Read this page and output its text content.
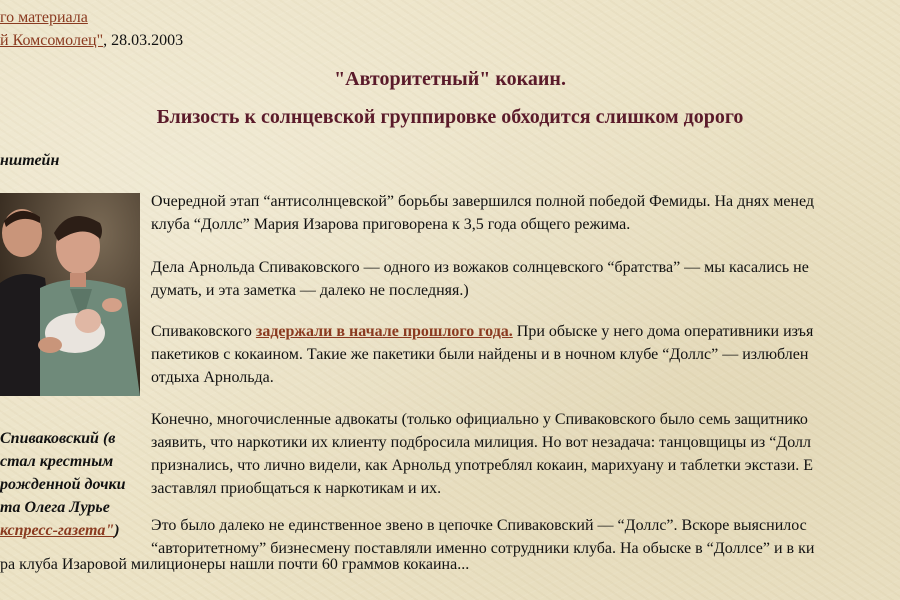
го материала
й Комсомолец", 28.03.2003
"Авторитетный" кокаин.
Близость к солнцевской группировке обходится слишком дорого
нштейн
Спиваковский (в
стал крестным
рожденной дочки
та Олега Лурье
кспресс-газета")
Очередной этап “антисолнцевской” борьбы завершился полной победой Фемиды. На днях менед
клуба “Доллс” Мария Изарова приговорена к 3,5 года общего режима.
Дела Арнольда Спиваковского — одного из вожаков солнцевского “братства” — мы касались не
думать, и эта заметка — далеко не последняя.)
Спиваковского задержали в начале прошлого года. При обыске у него дома оперативники изъя
пакетиков с кокаином. Такие же пакетики были найдены и в ночном клубе “Доллс” — излюблен
отдыха Арнольда.
Конечно, многочисленные адвокаты (только официально у Спиваковского было семь защитнико
заявить, что наркотики их клиенту подбросила милиция. Но вот незадача: танцовщицы из “Долл
признались, что лично видели, как Арнольд употреблял кокаин, марихуану и таблетки экстази. Е
заставлял приобщаться к наркотикам и их.
Это было далеко не единственное звено в цепочке Спиваковский — “Доллс”. Вскоре выяснилос
“авторитетному” бизнесмену поставляли именно сотрудники клуба. На обыске в “Доллсе” и в ки
ра клуба Изаровой милиционеры нашли почти 60 граммов кокаина...
